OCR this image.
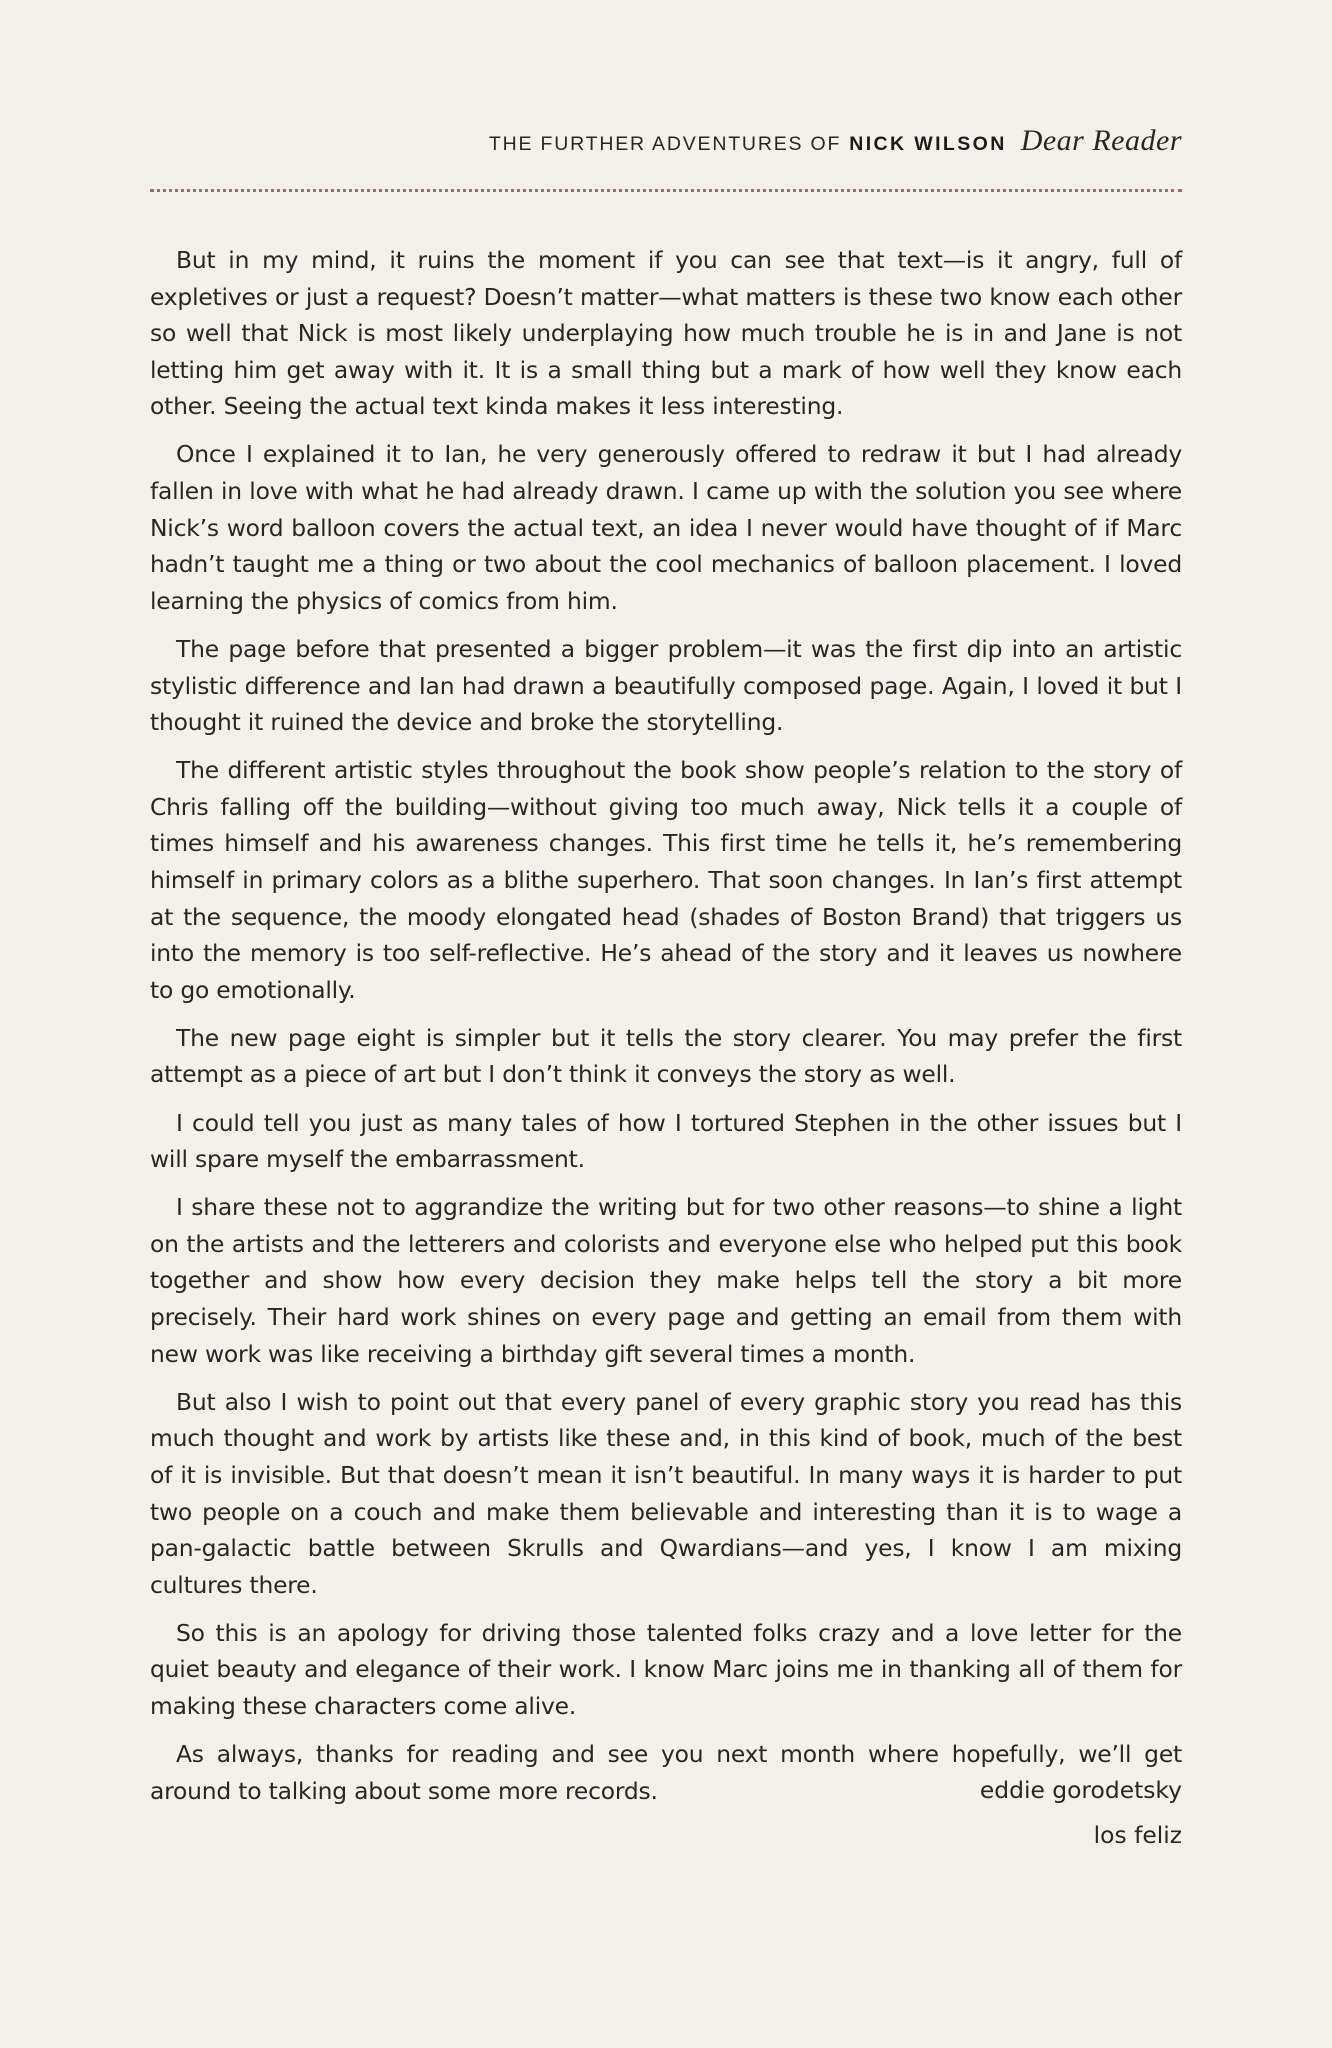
THE FURTHER ADVENTURES OF NICK WILSON Dear Reader

But in my mind, it ruins the moment if you can see that text—is it angry, full of expletives or just a request? Doesn’t matter—what matters is these two know each other so well that Nick is most likely underplaying how much trouble he is in and Jane is not letting him get away with it. It is a small thing but a mark of how well they know each other. Seeing the actual text kinda makes it less interesting.

Once I explained it to Ian, he very generously offered to redraw it but I had already fallen in love with what he had already drawn. I came up with the solution you see where Nick’s word balloon covers the actual text, an idea I never would have thought of if Marc hadn’t taught me a thing or two about the cool mechanics of balloon placement. I loved learning the physics of comics from him.

The page before that presented a bigger problem—it was the first dip into an artistic stylistic difference and Ian had drawn a beautifully composed page. Again, I loved it but I thought it ruined the device and broke the storytelling.

The different artistic styles throughout the book show people’s relation to the story of Chris falling off the building—without giving too much away, Nick tells it a couple of times himself and his awareness changes. This first time he tells it, he’s remembering himself in primary colors as a blithe superhero. That soon changes. In Ian’s first attempt at the sequence, the moody elongated head (shades of Boston Brand) that triggers us into the memory is too self-reflective. He’s ahead of the story and it leaves us nowhere to go emotionally.

The new page eight is simpler but it tells the story clearer. You may prefer the first attempt as a piece of art but I don’t think it conveys the story as well.

I could tell you just as many tales of how I tortured Stephen in the other issues but I will spare myself the embarrassment.

I share these not to aggrandize the writing but for two other reasons—to shine a light on the artists and the letterers and colorists and everyone else who helped put this book together and show how every decision they make helps tell the story a bit more precisely. Their hard work shines on every page and getting an email from them with new work was like receiving a birthday gift several times a month.

But also I wish to point out that every panel of every graphic story you read has this much thought and work by artists like these and, in this kind of book, much of the best of it is invisible. But that doesn’t mean it isn’t beautiful. In many ways it is harder to put two people on a couch and make them believable and interesting than it is to wage a pan-galactic battle between Skrulls and Qwardians—and yes, I know I am mixing cultures there.

So this is an apology for driving those talented folks crazy and a love letter for the quiet beauty and elegance of their work. I know Marc joins me in thanking all of them for making these characters come alive.

As always, thanks for reading and see you next month where hopefully, we’ll get around to talking about some more records.	eddie gorodetsky
los feliz
